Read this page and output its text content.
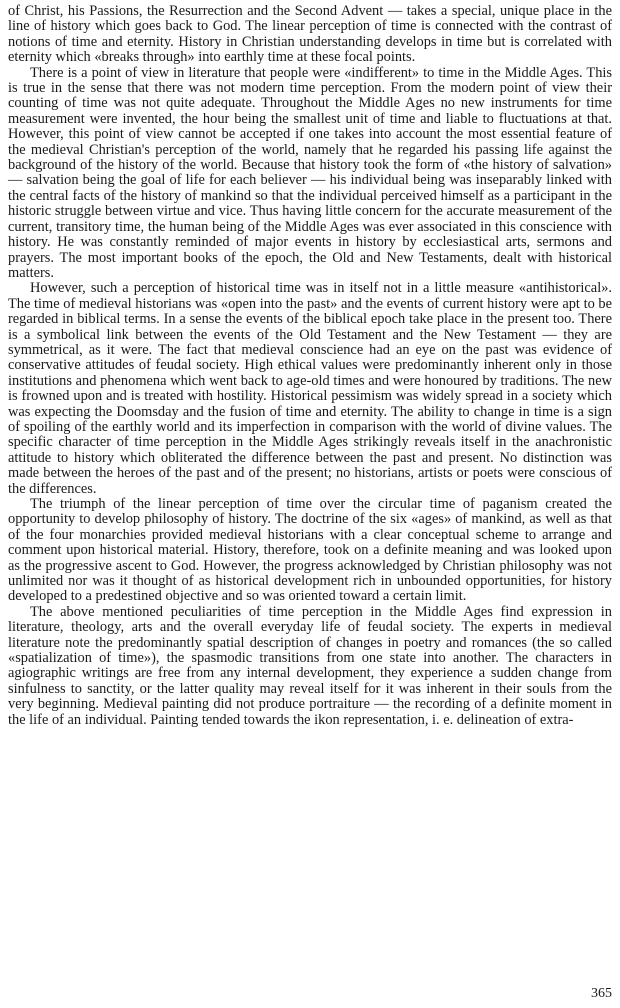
of Christ, his Passions, the Resurrection and the Second Advent — takes a special, unique place in the line of history which goes back to God. The linear perception of time is connected with the contrast of notions of time and eternity. History in Christian understanding develops in time but is correlated with eternity which «breaks through» into earthly time at these focal points.

There is a point of view in literature that people were «indifferent» to time in the Middle Ages. This is true in the sense that there was not modern time perception. From the modern point of view their counting of time was not quite adequate. Throughout the Middle Ages no new instruments for time measurement were invented, the hour being the smallest unit of time and liable to fluctuations at that. However, this point of view cannot be accepted if one takes into account the most essential feature of the medieval Christian's perception of the world, namely that he regarded his passing life against the background of the history of the world. Because that history took the form of «the history of salvation» — salvation being the goal of life for each believer — his individual being was inseparably linked with the central facts of the history of mankind so that the individual perceived himself as a participant in the historic struggle between virtue and vice. Thus having little concern for the accurate measurement of the current, transitory time, the human being of the Middle Ages was ever associated in this conscience with history. He was constantly reminded of major events in history by ecclesiastical arts, sermons and prayers. The most important books of the epoch, the Old and New Testaments, dealt with historical matters.

However, such a perception of historical time was in itself not in a little measure «antihistorical». The time of medieval historians was «open into the past» and the events of current history were apt to be regarded in biblical terms. In a sense the events of the biblical epoch take place in the present too. There is a symbolical link between the events of the Old Testament and the New Testament — they are symmetrical, as it were. The fact that medieval conscience had an eye on the past was evidence of conservative attitudes of feudal society. High ethical values were predominantly inherent only in those institutions and phenomena which went back to age-old times and were honoured by traditions. The new is frowned upon and is treated with hostility. Historical pessimism was widely spread in a society which was expecting the Doomsday and the fusion of time and eternity. The ability to change in time is a sign of spoiling of the earthly world and its imperfection in comparison with the world of divine values. The specific character of time perception in the Middle Ages strikingly reveals itself in the anachronistic attitude to history which obliterated the difference between the past and present. No distinction was made between the heroes of the past and of the present; no historians, artists or poets were conscious of the differences.

The triumph of the linear perception of time over the circular time of paganism created the opportunity to develop philosophy of history. The doctrine of the six «ages» of mankind, as well as that of the four monarchies provided medieval historians with a clear conceptual scheme to arrange and comment upon historical material. History, therefore, took on a definite meaning and was looked upon as the progressive ascent to God. However, the progress acknowledged by Christian philosophy was not unlimited nor was it thought of as historical development rich in unbounded opportunities, for history developed to a predestined objective and so was oriented toward a certain limit.

The above mentioned peculiarities of time perception in the Middle Ages find expression in literature, theology, arts and the overall everyday life of feudal society. The experts in medieval literature note the predominantly spatial description of changes in poetry and romances (the so called «spatialization of time»), the spasmodic transitions from one state into another. The characters in agiographic writings are free from any internal development, they experience a sudden change from sinfulness to sanctity, or the latter quality may reveal itself for it was inherent in their souls from the very beginning. Medieval painting did not produce portraiture — the recording of a definite moment in the life of an individual. Painting tended towards the ikon representation, i. e. delineation of extra-

365
